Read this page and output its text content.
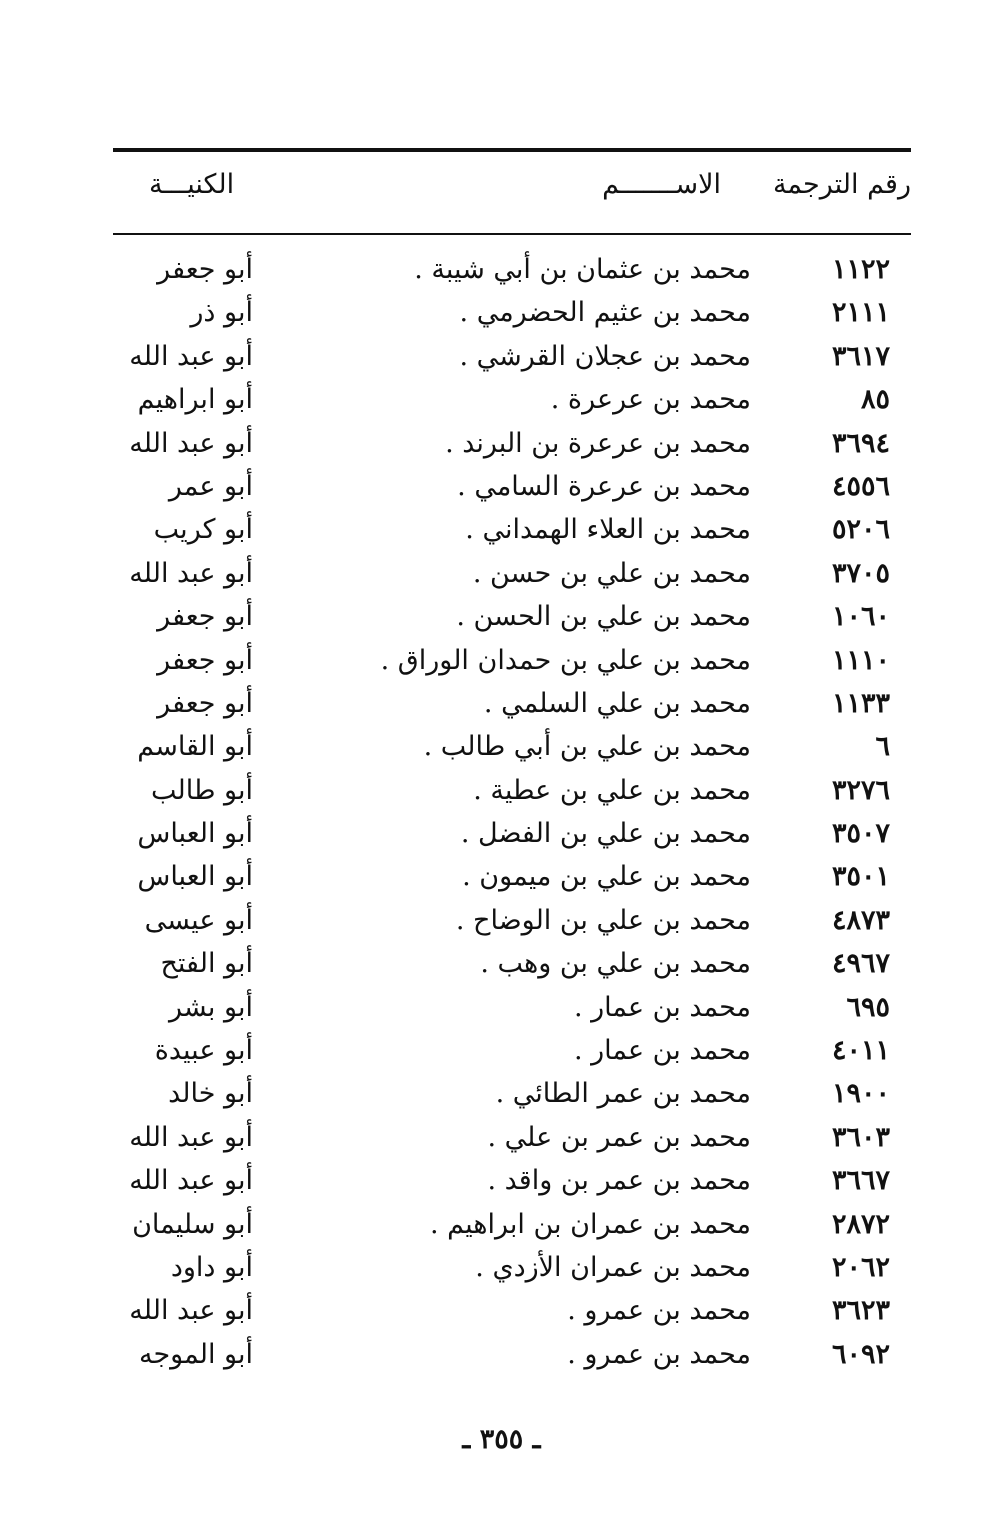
رقم الترجمة
الاســـــــم
الكنيـــة
١١٢٢
محمد بن عثمان بن أبي شيبة .
أبو جعفر
٢١١١
محمد بن عثيم الحضرمي .
أبو ذر
٣٦١٧
محمد بن عجلان القرشي .
أبو عبد الله
٨٥
محمد بن عرعرة .
أبو ابراهيم
٣٦٩٤
محمد بن عرعرة بن البرند .
أبو عبد الله
٤٥٥٦
محمد بن عرعرة السامي .
أبو عمر
٥٢٠٦
محمد بن العلاء الهمداني .
أبو كريب
٣٧٠٥
محمد بن علي بن حسن .
أبو عبد الله
١٠٦٠
محمد بن علي بن الحسن .
أبو جعفر
١١١٠
محمد بن علي بن حمدان الوراق .
أبو جعفر
١١٣٣
محمد بن علي السلمي .
أبو جعفر
٦
محمد بن علي بن أبي طالب .
أبو القاسم
٣٢٧٦
محمد بن علي بن عطية .
أبو طالب
٣٥٠٧
محمد بن علي بن الفضل .
أبو العباس
٣٥٠١
محمد بن علي بن ميمون .
أبو العباس
٤٨٧٣
محمد بن علي بن الوضاح .
أبو عيسى
٤٩٦٧
محمد بن علي بن وهب .
أبو الفتح
٦٩٥
محمد بن عمار .
أبو بشر
٤٠١١
محمد بن عمار .
أبو عبيدة
١٩٠٠
محمد بن عمر الطائي .
أبو خالد
٣٦٠٣
محمد بن عمر بن علي .
أبو عبد الله
٣٦٦٧
محمد بن عمر بن واقد .
أبو عبد الله
٢٨٧٢
محمد بن عمران بن ابراهيم .
أبو سليمان
٢٠٦٢
محمد بن عمران الأزدي .
أبو داود
٣٦٢٣
محمد بن عمرو .
أبو عبد الله
٦٠٩٢
محمد بن عمرو .
أبو الموجه
ـ ٣٥٥ ـ
